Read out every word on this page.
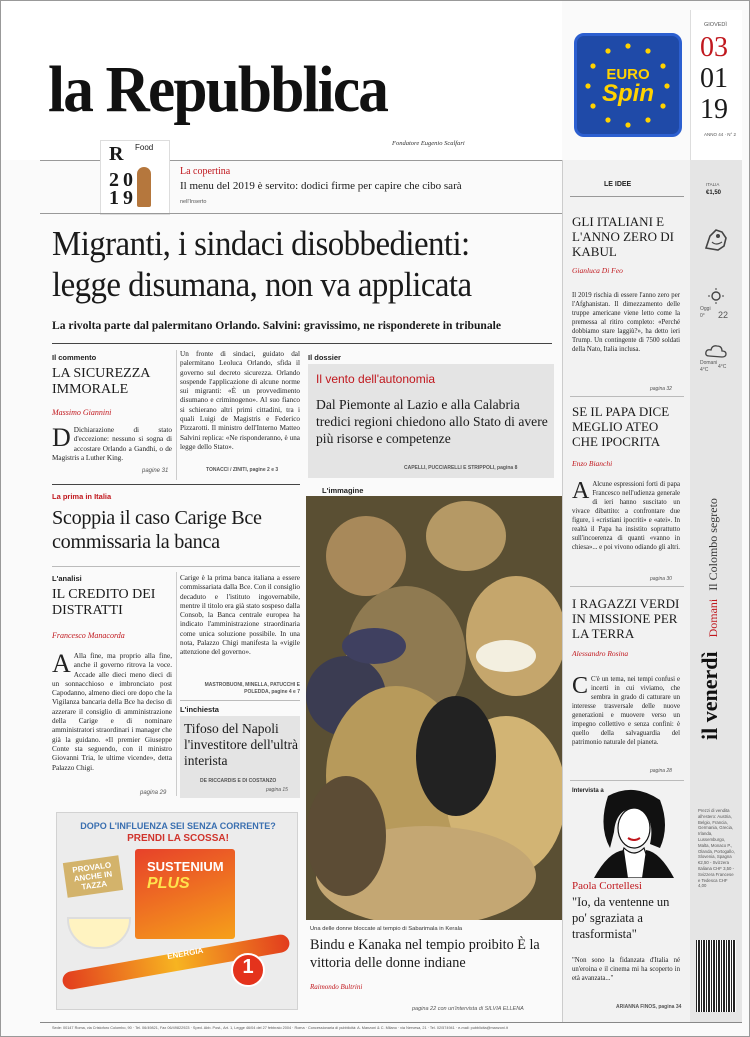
la Repubblica
Fondatore Eugenio Scalfari
EURO
Spin
GIOVEDÌ
03
01
19
ANNO 44 · N° 2
ITALIA
€1,50
Oggi
0° 22
Domani
4°C 4°C
il venerdì Domani Il Colombo segreto
Prezzi di vendita all'estero: Austria, Belgio, Francia, Germania, Grecia, Irlanda, Lussemburgo, Malta, Monaco P., Olanda, Portogallo, Slovenia, Spagna €2,50 - Svizzera Italiana CHF 3,50 - Svizzera Francese e Tedesca CHF 4,00
R Food
2019
La copertina
Il menu del 2019 è servito: dodici firme per capire che cibo sarà
nell'Inserto
Migranti, i sindaci disobbedienti: legge disumana, non va applicata
La rivolta parte dal palermitano Orlando. Salvini: gravissimo, ne risponderete in tribunale
Il commento
LA SICUREZZA IMMORALE
Massimo Giannini
D Dichiarazione di stato d'eccezione: nessuno si sogna di accostare Orlando a Gandhi, o de Magistris a Luther King.
pagine 31
Un fronte di sindaci, guidato dal palermitano Leoluca Orlando, sfida il governo sul decreto sicurezza. Orlando sospende l'applicazione di alcune norme sui migranti: «È un provvedimento disumano e criminogeno». Al suo fianco si schierano altri primi cittadini, tra i quali Luigi de Magistris e Federico Pizzarotti. Il ministro dell'Interno Matteo Salvini replica: «Ne risponderanno, è una legge dello Stato».
TONACCI / ZINITI, pagine 2 e 3
Il dossier
Il vento dell'autonomia
Dal Piemonte al Lazio e alla Calabria tredici regioni chiedono allo Stato di avere più risorse e competenze
CAPELLI, PUCCIARELLI E STRIPPOLI, pagina 8
La prima in Italia
Scoppia il caso Carige Bce commissaria la banca
L'analisi
IL CREDITO DEI DISTRATTI
Francesco Manacorda
A Alla fine, ma proprio alla fine, anche il governo ritrova la voce. Accade alle dieci meno dieci di un sonnacchioso e imbronciato post Capodanno, almeno dieci ore dopo che la Vigilanza bancaria della Bce ha deciso di azzerare il consiglio di amministrazione della Carige e di nominare amministratori straordinari i manager che già la guidano. «Il premier Giuseppe Conte sta seguendo, con il ministro Giovanni Tria, le ultime vicende», detta Palazzo Chigi.
pagina 29
Carige è la prima banca italiana a essere commissariata dalla Bce. Con il consiglio decaduto e l'istituto ingovernabile, mentre il titolo era già stato sospeso dalla Consob, la Banca centrale europea ha indicato l'amministrazione straordinaria come unica soluzione possibile. In una nota, Palazzo Chigi manifesta la «vigile attenzione del governo».
MASTROBUONI, MINELLA, PATUCCHI E POLEDDA, pagine 4 e 7
L'inchiesta
Tifoso del Napoli l'investitore dell'ultrà interista
DE RICCARDIS E DI COSTANZO
pagina 15
DOPO L'INFLUENZA SEI SENZA CORRENTE?
PRENDI LA SCOSSA!
SUSTENIUM
PLUS
PROVALO ANCHE IN TAZZA
ENERGIA
1
L'immagine
Una delle donne bloccate al tempio di Sabarimala in Kerala
Bindu e Kanaka nel tempio proibito È la vittoria delle donne indiane
Raimondo Bultrini
pagina 22 con un'intervista di SILVIA ELLENA
LE IDEE
GLI ITALIANI E L'ANNO ZERO DI KABUL
Gianluca Di Feo
Il 2019 rischia di essere l'anno zero per l'Afghanistan. Il dimezzamento delle truppe americane viene letto come la premessa al ritiro completo: «Perché dobbiamo stare laggiù?», ha detto ieri Trump. Un contingente di 7500 soldati della Nato, Italia inclusa.
pagina 32
SE IL PAPA DICE MEGLIO ATEO CHE IPOCRITA
Enzo Bianchi
A Alcune espressioni forti di papa Francesco nell'udienza generale di ieri hanno suscitato un vivace dibattito: a confrontare due figure, i «cristiani ipocriti» e «atei». In realtà il Papa ha insistito soprattutto sull'incoerenza di quanti «vanno in chiesa»... e poi vivono odiando gli altri.
pagina 30
I RAGAZZI VERDI IN MISSIONE PER LA TERRA
Alessandro Rosina
C C'è un tema, nei tempi confusi e incerti in cui viviamo, che sembra in grado di catturare un interesse trasversale delle nuove generazioni e muovere verso un impegno collettivo e senza confini: è quello della salvaguardia del patrimonio naturale del pianeta.
pagina 28
Intervista a
Paola Cortellesi
"Io, da ventenne un po' sgraziata a trasformista"
"Non sono la fidanzata d'Italia né un'eroina e il cinema mi ha scoperto in età avanzata..."
ARIANNA FINOS, pagina 34
Sede: 00147 Roma, via Cristoforo Colombo, 90 · Tel. 06/49821, Fax 06/49822923 · Sped. Abb. Post., Art. 1, Legge 46/04 del 27 febbraio 2004 · Roma · Concessionaria di pubblicità: A. Manzoni & C. Milano · via Nervesa, 21 · Tel. 02/574941 · e-mail: pubblicita@manzoni.it
